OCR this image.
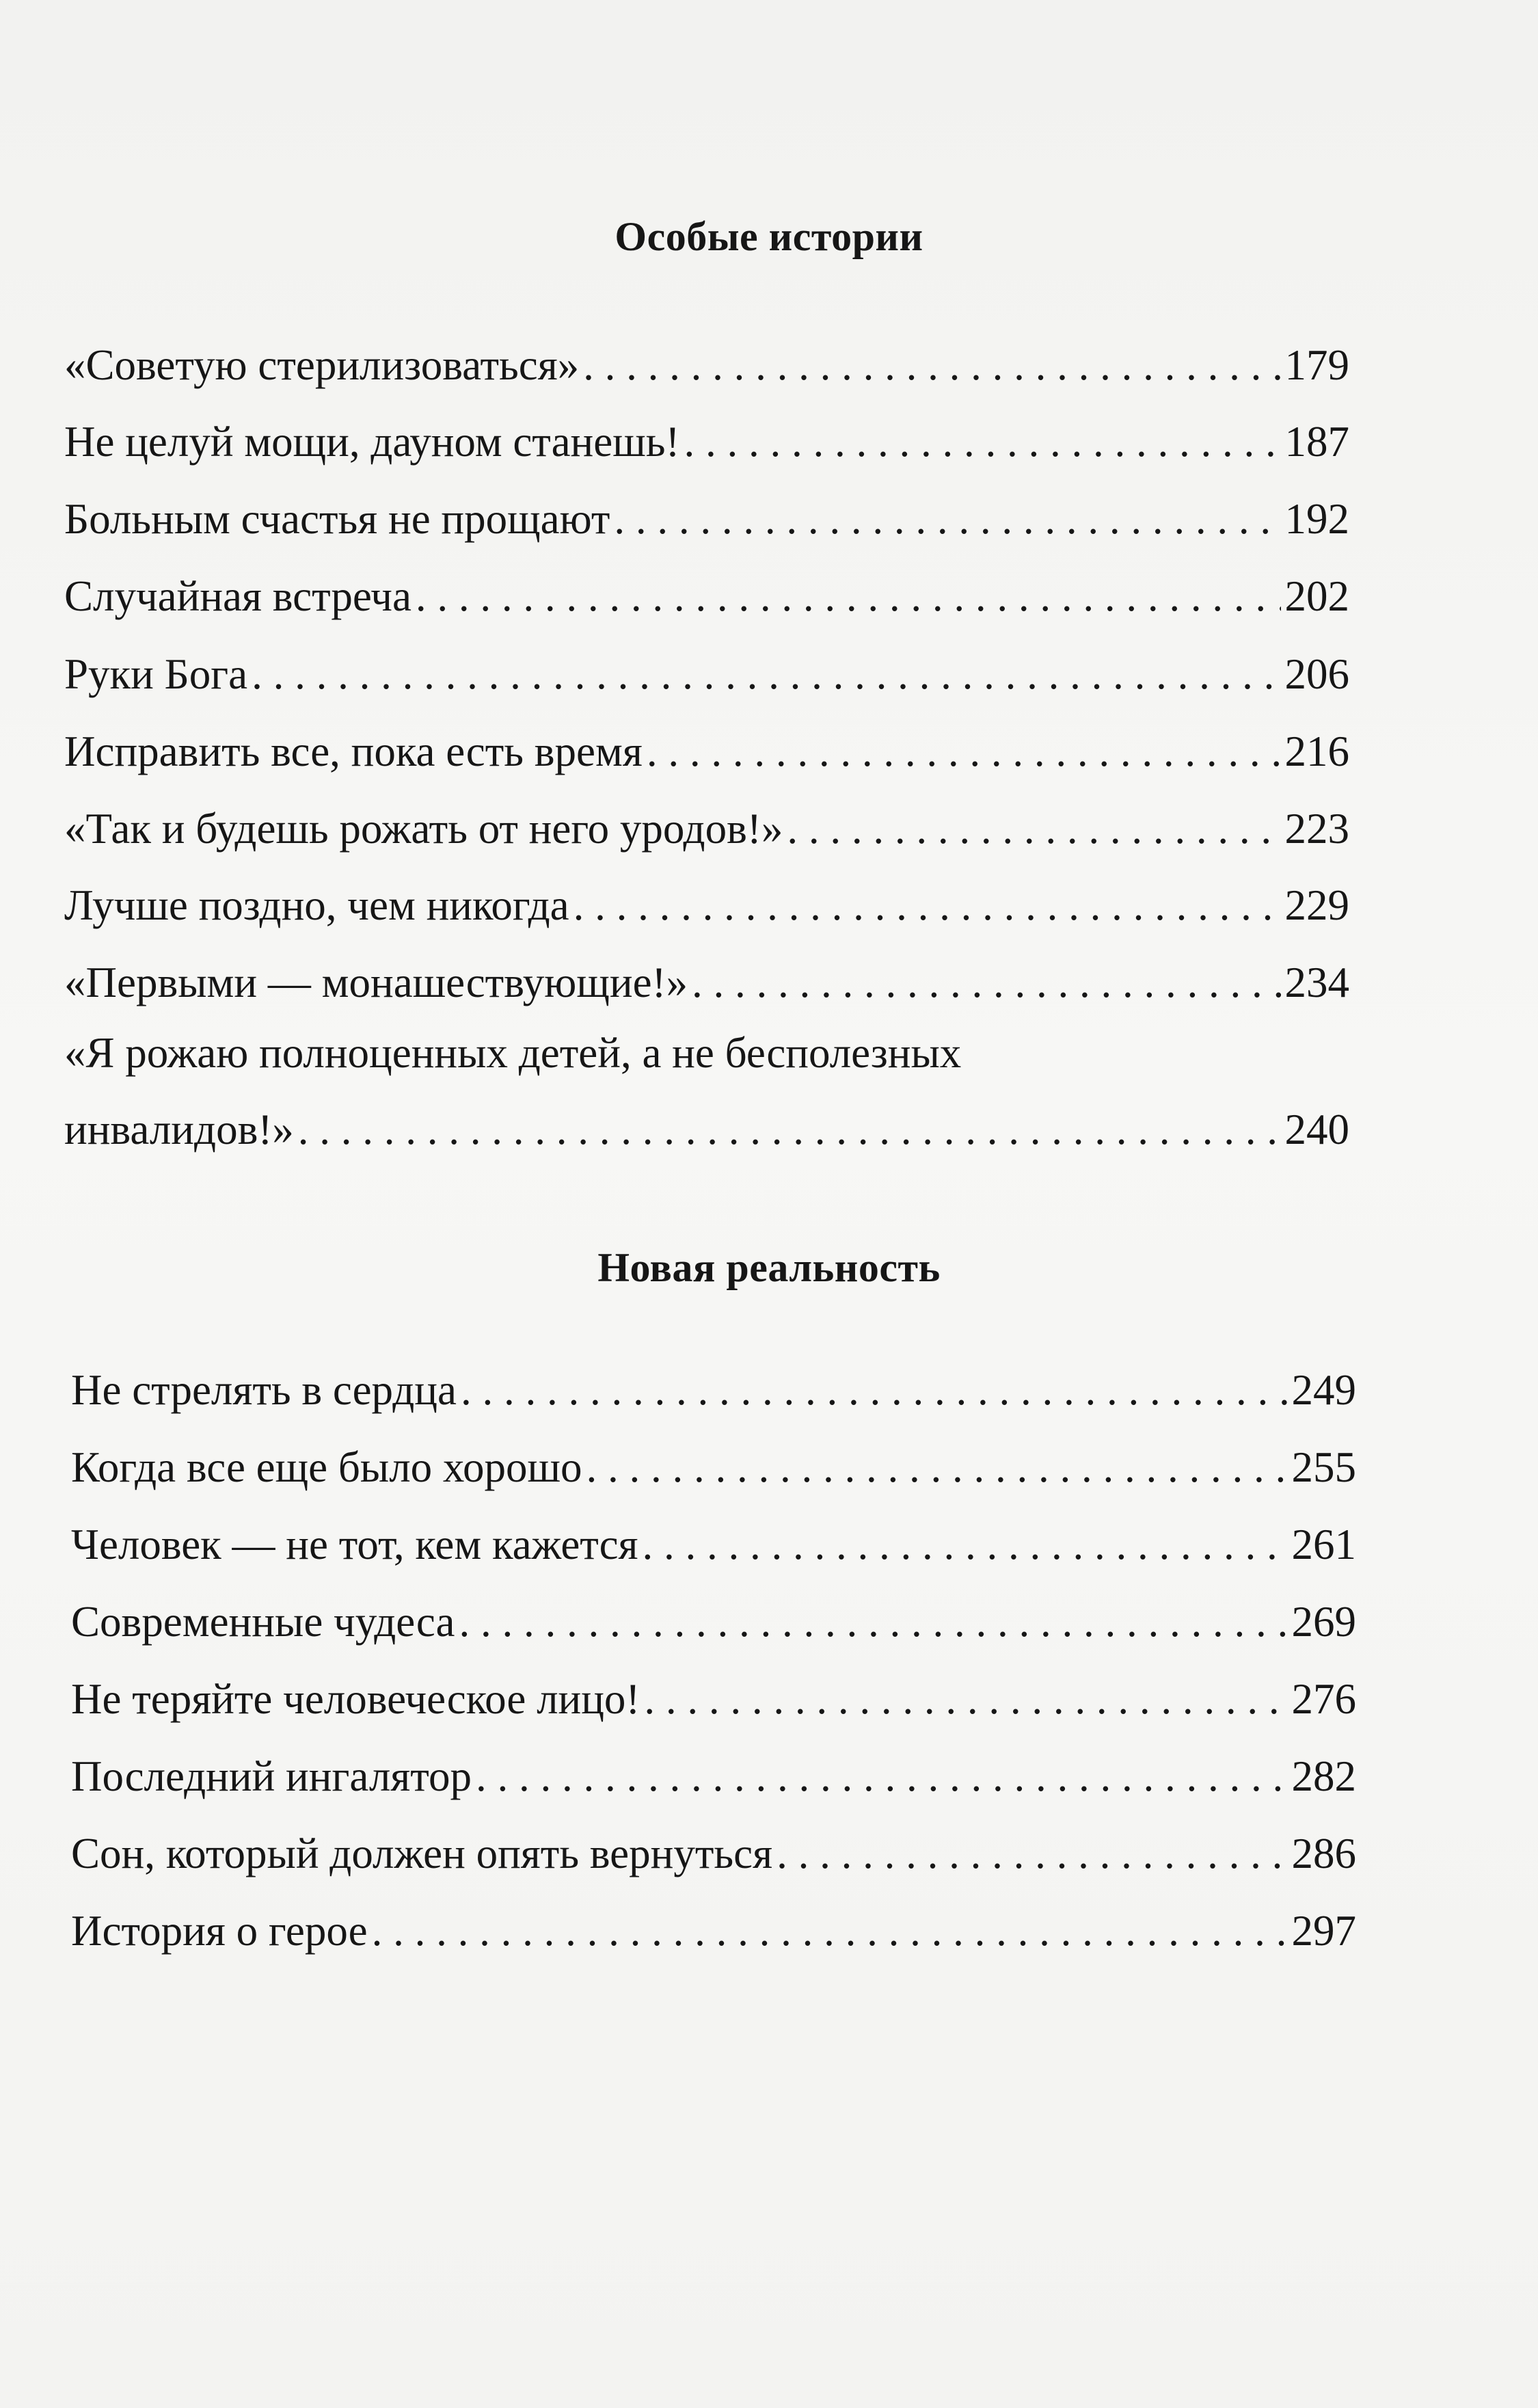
Особые истории
«Советую стерилизоваться» . . .	179
Не целуй мощи, дауном станешь! . . .	187
Больным счастья не прощают . . .	192
Случайная встреча . . .	202
Руки Бога . . .	206
Исправить все, пока есть время . . .	216
«Так и будешь рожать от него уродов!» . . .	223
Лучше поздно, чем никогда . . .	229
«Первыми — монашествующие!» . . .	234
«Я рожаю полноценных детей, а не бесполезных
инвалидов!» . . .	240
Новая реальность
Не стрелять в сердца . . .	249
Когда все еще было хорошо . . .	255
Человек — не тот, кем кажется . . .	261
Современные чудеса . . .	269
Не теряйте человеческое лицо! . . .	276
Последний ингалятор . . .	282
Сон, который должен опять вернуться . . .	286
История о герое . . .	297
